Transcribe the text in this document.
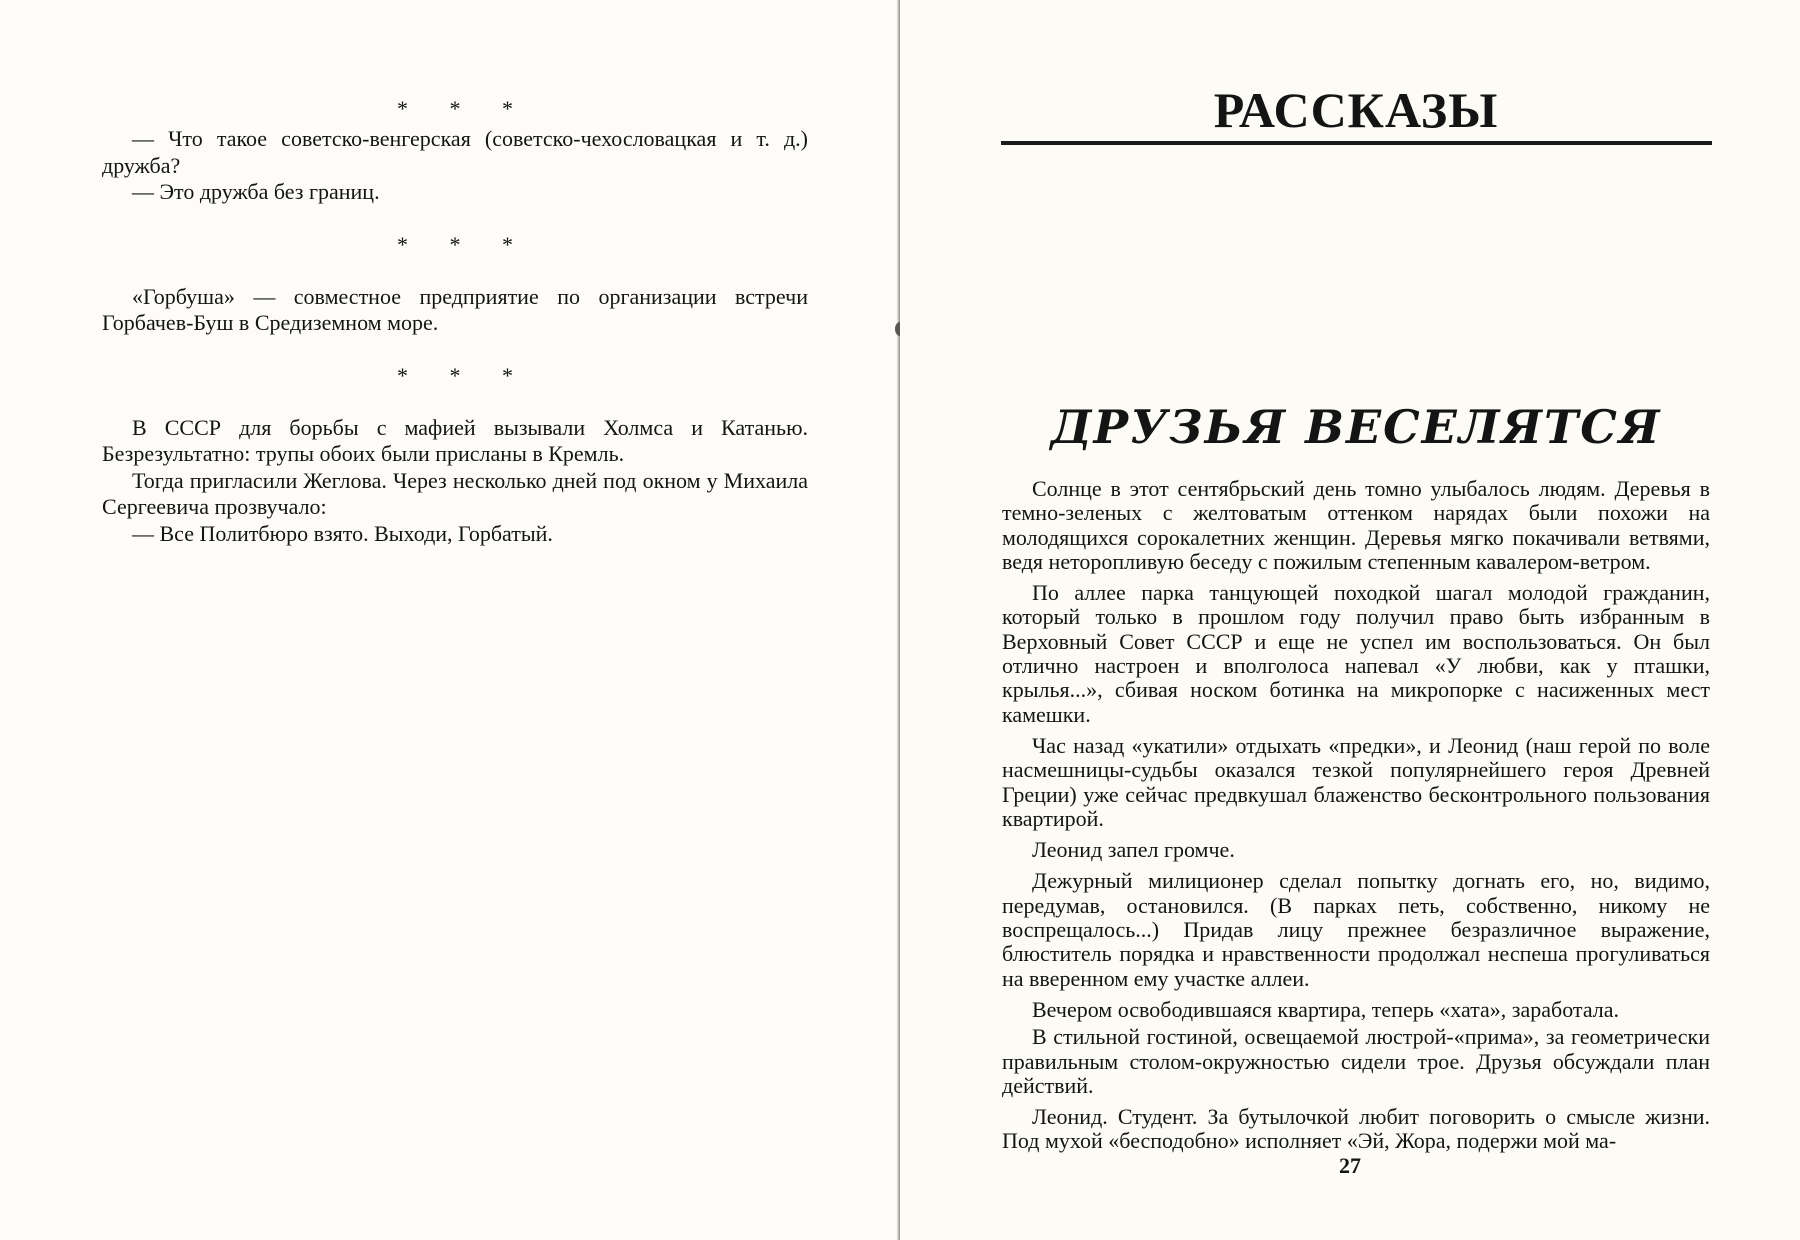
* * *

— Что такое советско-венгерская (советско-чехословацкая и т. д.) дружба?

— Это дружба без границ.

* * *

«Горбуша» — совместное предприятие по организации встречи Горбачев-Буш в Средиземном море.

* * *

В СССР для борьбы с мафией вызывали Холмса и Катанью. Безрезультатно: трупы обоих были присланы в Кремль.

Тогда пригласили Жеглова. Через несколько дней под окном у Михаила Сергеевича прозвучало:

— Все Политбюро взято. Выходи, Горбатый.

РАССКАЗЫ
ДРУЗЬЯ ВЕСЕЛЯТСЯ

Солнце в этот сентябрьский день томно улыбалось людям. Деревья в темно-зеленых с желтоватым оттенком нарядах были похожи на молодящихся сорокалетних женщин. Деревья мягко покачивали ветвями, ведя неторопливую беседу с пожилым степенным кавалером-ветром.

По аллее парка танцующей походкой шагал молодой гражданин, который только в прошлом году получил право быть избранным в Верховный Совет СССР и еще не успел им воспользоваться. Он был отлично настроен и вполголоса напевал «У любви, как у пташки, крылья...», сбивая носком ботинка на микропорке с насиженных мест камешки.

Час назад «укатили» отдыхать «предки», и Леонид (наш герой по воле насмешницы-судьбы оказался тезкой популярнейшего героя Древней Греции) уже сейчас предвкушал блаженство бесконтрольного пользования квартирой.

Леонид запел громче.

Дежурный милиционер сделал попытку догнать его, но, видимо, передумав, остановился. (В парках петь, собственно, никому не воспрещалось...) Придав лицу прежнее безразличное выражение, блюститель порядка и нравственности продолжал неспеша прогуливаться на вверенном ему участке аллеи.

Вечером освободившаяся квартира, теперь «хата», заработала.

В стильной гостиной, освещаемой люстрой-«прима», за геометрически правильным столом-окружностью сидели трое. Друзья обсуждали план действий.

Леонид. Студент. За бутылочкой любит поговорить о смысле жизни. Под мухой «бесподобно» исполняет «Эй, Жора, подержи мой ма-

27
